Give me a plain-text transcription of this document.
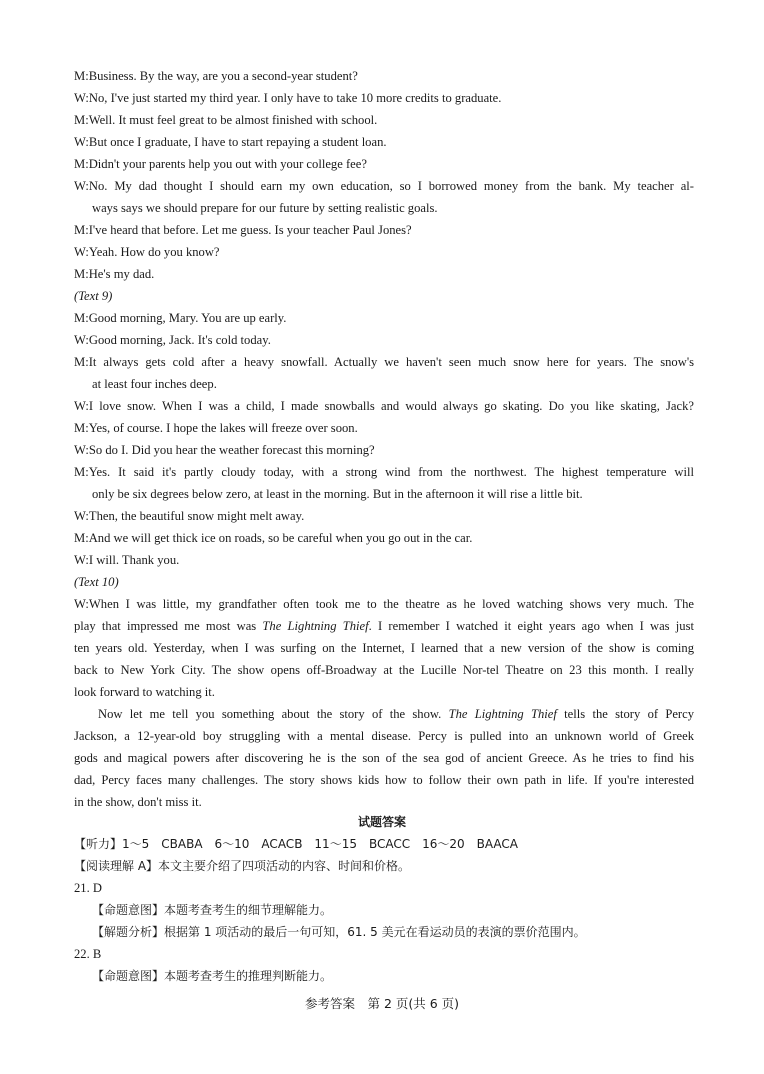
M:Business. By the way, are you a second-year student?
W:No, I've just started my third year. I only have to take 10 more credits to graduate.
M:Well. It must feel great to be almost finished with school.
W:But once I graduate, I have to start repaying a student loan.
M:Didn't your parents help you out with your college fee?
W:No. My dad thought I should earn my own education, so I borrowed money from the bank. My teacher al-
ways says we should prepare for our future by setting realistic goals.
M:I've heard that before. Let me guess. Is your teacher Paul Jones?
W:Yeah. How do you know?
M:He's my dad.
(Text 9)
M:Good morning, Mary. You are up early.
W:Good morning, Jack. It's cold today.
M:It always gets cold after a heavy snowfall. Actually we haven't seen much snow here for years. The snow's
at least four inches deep.
W:I love snow. When I was a child, I made snowballs and would always go skating. Do you like skating, Jack?
M:Yes, of course. I hope the lakes will freeze over soon.
W:So do I. Did you hear the weather forecast this morning?
M:Yes. It said it's partly cloudy today, with a strong wind from the northwest. The highest temperature will
only be six degrees below zero, at least in the morning. But in the afternoon it will rise a little bit.
W:Then, the beautiful snow might melt away.
M:And we will get thick ice on roads, so be careful when you go out in the car.
W:I will. Thank you.
(Text 10)
W:When I was little, my grandfather often took me to the theatre as he loved watching shows very much. The
play that impressed me most was The Lightning Thief. I remember I watched it eight years ago when I was just
ten years old. Yesterday, when I was surfing on the Internet, I learned that a new version of the show is coming
back to New York City. The show opens off-Broadway at the Lucille Nor-tel Theatre on 23 this month. I really
look forward to watching it.
Now let me tell you something about the story of the show. The Lightning Thief tells the story of Percy
Jackson, a 12-year-old boy struggling with a mental disease. Percy is pulled into an unknown world of Greek
gods and magical powers after discovering he is the son of the sea god of ancient Greece. As he tries to find his
dad, Percy faces many challenges. The story shows kids how to follow their own path in life. If you're interested
in the show, don't miss it.
试题答案
【听力】1～5　CBABA　6～10　ACACB　11～15　BCACC　16～20　BAACA
【阅读理解 A】本文主要介绍了四项活动的内容、时间和价格。
21. D
【命题意图】本题考查考生的细节理解能力。
【解题分析】根据第 1 项活动的最后一句可知，61. 5 美元在看运动员的表演的票价范围内。
22. B
【命题意图】本题考查考生的推理判断能力。
参考答案　第 2 页(共 6 页)
